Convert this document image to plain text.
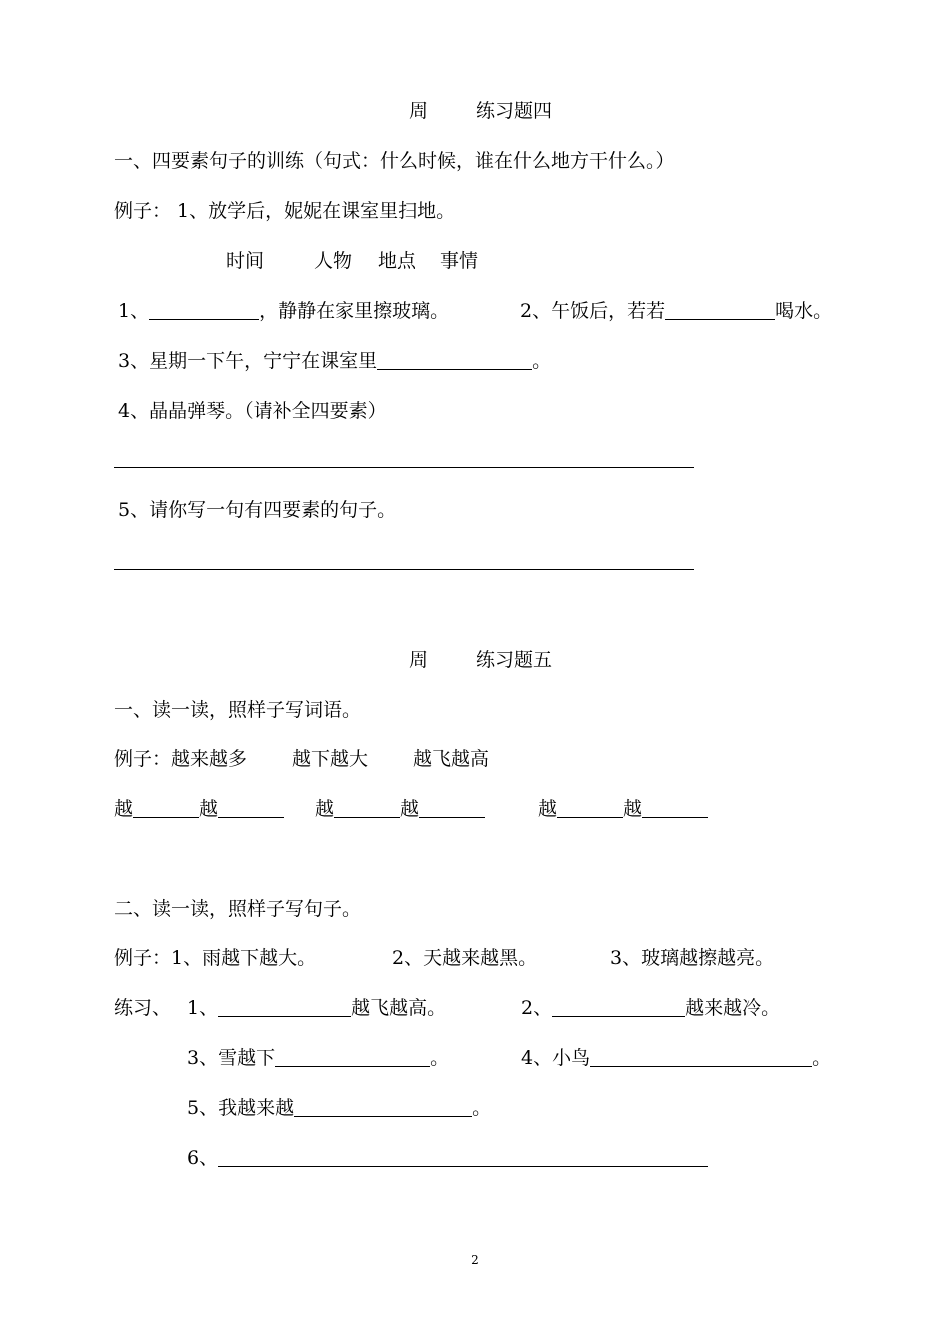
周	练习题四
一、四要素句子的训练（句式：什么时候，谁在什么地方干什么。）
例子： 1、放学后，妮妮在课室里扫地。
时间	人物 地点 事情
1、	，静静在家里擦玻璃。	2、午饭后，若若	喝水。
3、星期一下午，宁宁在课室里	。
4、晶晶弹琴。（请补全四要素）
5、请你写一句有四要素的句子。
周	练习题五
一、读一读，照样子写词语。
例子：越来越多 越下越大 越飞越高
越	越	越	越	越	越
二、读一读，照样子写句子。
例子：1、雨越下越大。	2、天越来越黑。	3、玻璃越擦越亮。
练习、 1、	越飞越高。	2、	越来越冷。
3、雪越下	。	4、小鸟	。
5、我越来越	。
6、
2
